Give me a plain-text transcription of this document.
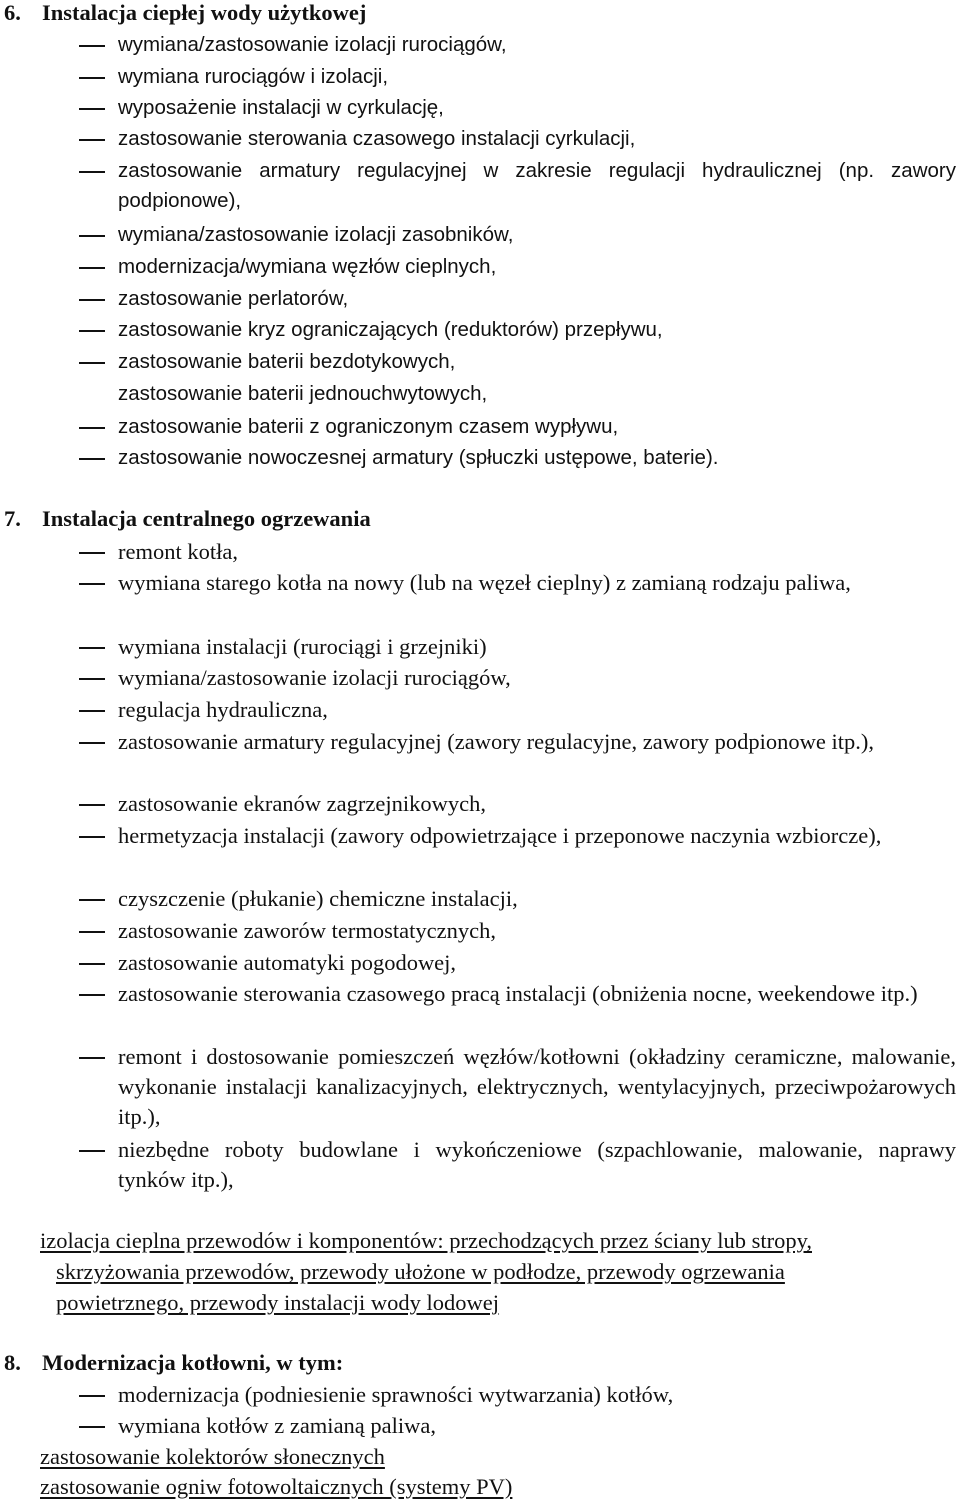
6. Instalacja ciepłej wody użytkowej
wymiana/zastosowanie izolacji rurociągów,
wymiana rurociągów i izolacji,
wyposażenie instalacji w cyrkulację,
zastosowanie sterowania czasowego instalacji cyrkulacji,
zastosowanie armatury regulacyjnej w zakresie regulacji hydraulicznej (np. zawory podpionowe),
wymiana/zastosowanie izolacji zasobników,
modernizacja/wymiana węzłów cieplnych,
zastosowanie perlatorów,
zastosowanie kryz ograniczających (reduktorów) przepływu,
zastosowanie baterii bezdotykowych,
zastosowanie baterii jednouchwytowych,
zastosowanie baterii z ograniczonym czasem wypływu,
zastosowanie nowoczesnej armatury (spłuczki ustępowe, baterie).
7. Instalacja centralnego ogrzewania
remont kotła,
wymiana starego kotła na nowy (lub na węzeł cieplny) z zamianą rodzaju paliwa,
wymiana instalacji (rurociągi i grzejniki)
wymiana/zastosowanie izolacji rurociągów,
regulacja hydrauliczna,
zastosowanie armatury regulacyjnej (zawory regulacyjne, zawory podpionowe itp.),
zastosowanie ekranów zagrzejnikowych,
hermetyzacja instalacji (zawory odpowietrzające i przeponowe naczynia wzbiorcze),
czyszczenie (płukanie) chemiczne instalacji,
zastosowanie zaworów termostatycznych,
zastosowanie automatyki pogodowej,
zastosowanie sterowania czasowego pracą instalacji (obniżenia nocne, weekendowe itp.)
remont i dostosowanie pomieszczeń węzłów/kotłowni (okładziny ceramiczne, malowanie, wykonanie instalacji kanalizacyjnych, elektrycznych, wentylacyjnych, przeciwpożarowych itp.),
niezbędne roboty budowlane i wykończeniowe (szpachlowanie, malowanie, naprawy tynków itp.),
izolacja cieplna przewodów i komponentów: przechodzących przez ściany lub stropy,
skrzyżowania przewodów, przewody ułożone w podłodze, przewody ogrzewania
powietrznego, przewody instalacji wody lodowej
8. Modernizacja kotłowni, w tym:
modernizacja (podniesienie sprawności wytwarzania) kotłów,
wymiana kotłów z zamianą paliwa,
zastosowanie kolektorów słonecznych
zastosowanie ogniw fotowoltaicznych (systemy PV)
